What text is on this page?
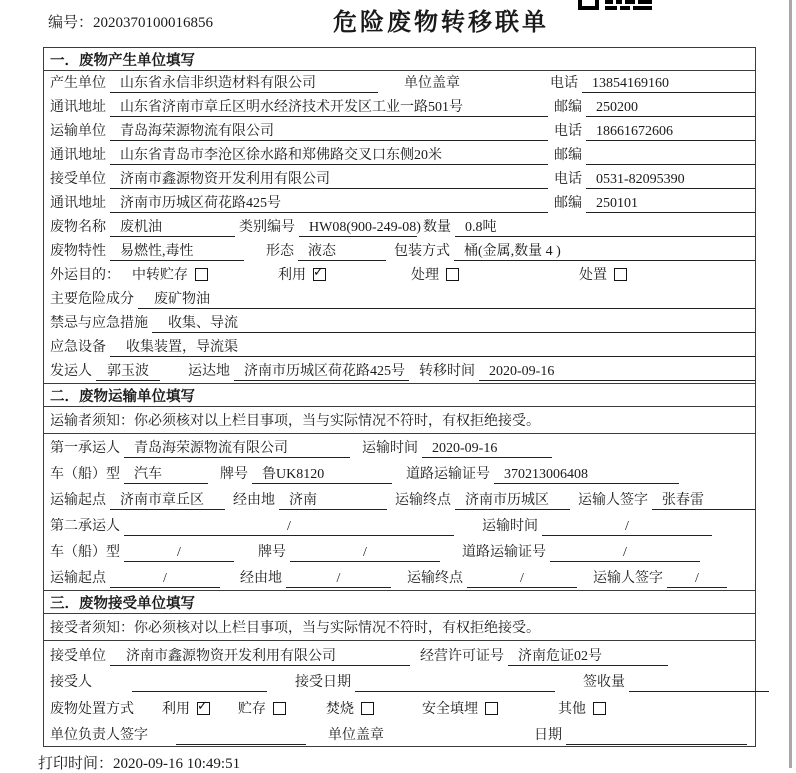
编号：2020370100016856	危险废物转移联单
一．废物产生单位填写
产生单位	山东省永信非织造材料有限公司	单位盖章	电话	13854169160
通讯地址	山东省济南市章丘区明水经济技术开发区工业一路501号	邮编	250200
运输单位	青岛海荣源物流有限公司	电话	18661672606
通讯地址	山东省青岛市李沧区徐水路和郑佛路交叉口东侧20米	邮编
接受单位	济南市鑫源物资开发利用有限公司	电话	0531-82095390
通讯地址	济南市历城区荷花路425号	邮编	250101
废物名称	废机油	类别编号	HW08(900-249-08) 数量	0.8吨
废物特性	易燃性,毒性	形态	液态	包装方式	桶(金属,数量 4 )
外运目的： 中转贮存	利用 ✓	处理	处置
主要危险成分	废矿物油
禁忌与应急措施	收集、导流
应急设备	收集装置，导流渠
发运人	郭玉波	运达地	济南市历城区荷花路425号 转移时间	2020-09-16
二．废物运输单位填写
运输者须知：你必须核对以上栏目事项，当与实际情况不符时，有权拒绝接受。
第一承运人	青岛海荣源物流有限公司	运输时间	2020-09-16
车（船）型	汽车	牌号	鲁UK8120	道路运输证号	370213006408
运输起点	济南市章丘区	经由地	济南	运输终点	济南市历城区	运输人签字	张春雷
第二承运人	/	运输时间	/
车（船）型	/	牌号	/	道路运输证号	/
运输起点	/	经由地	/	运输终点	/	运输人签字	/
三．废物接受单位填写
接受者须知：你必须核对以上栏目事项，当与实际情况不符时，有权拒绝接受。
接受单位	济南市鑫源物资开发利用有限公司	经营许可证号	济南危证02号
接受人	接受日期	签收量
废物处置方式 利用 ✓	贮存	焚烧	安全填埋	其他
单位负责人签字	单位盖章	日期
打印时间：2020-09-16 10:49:51
